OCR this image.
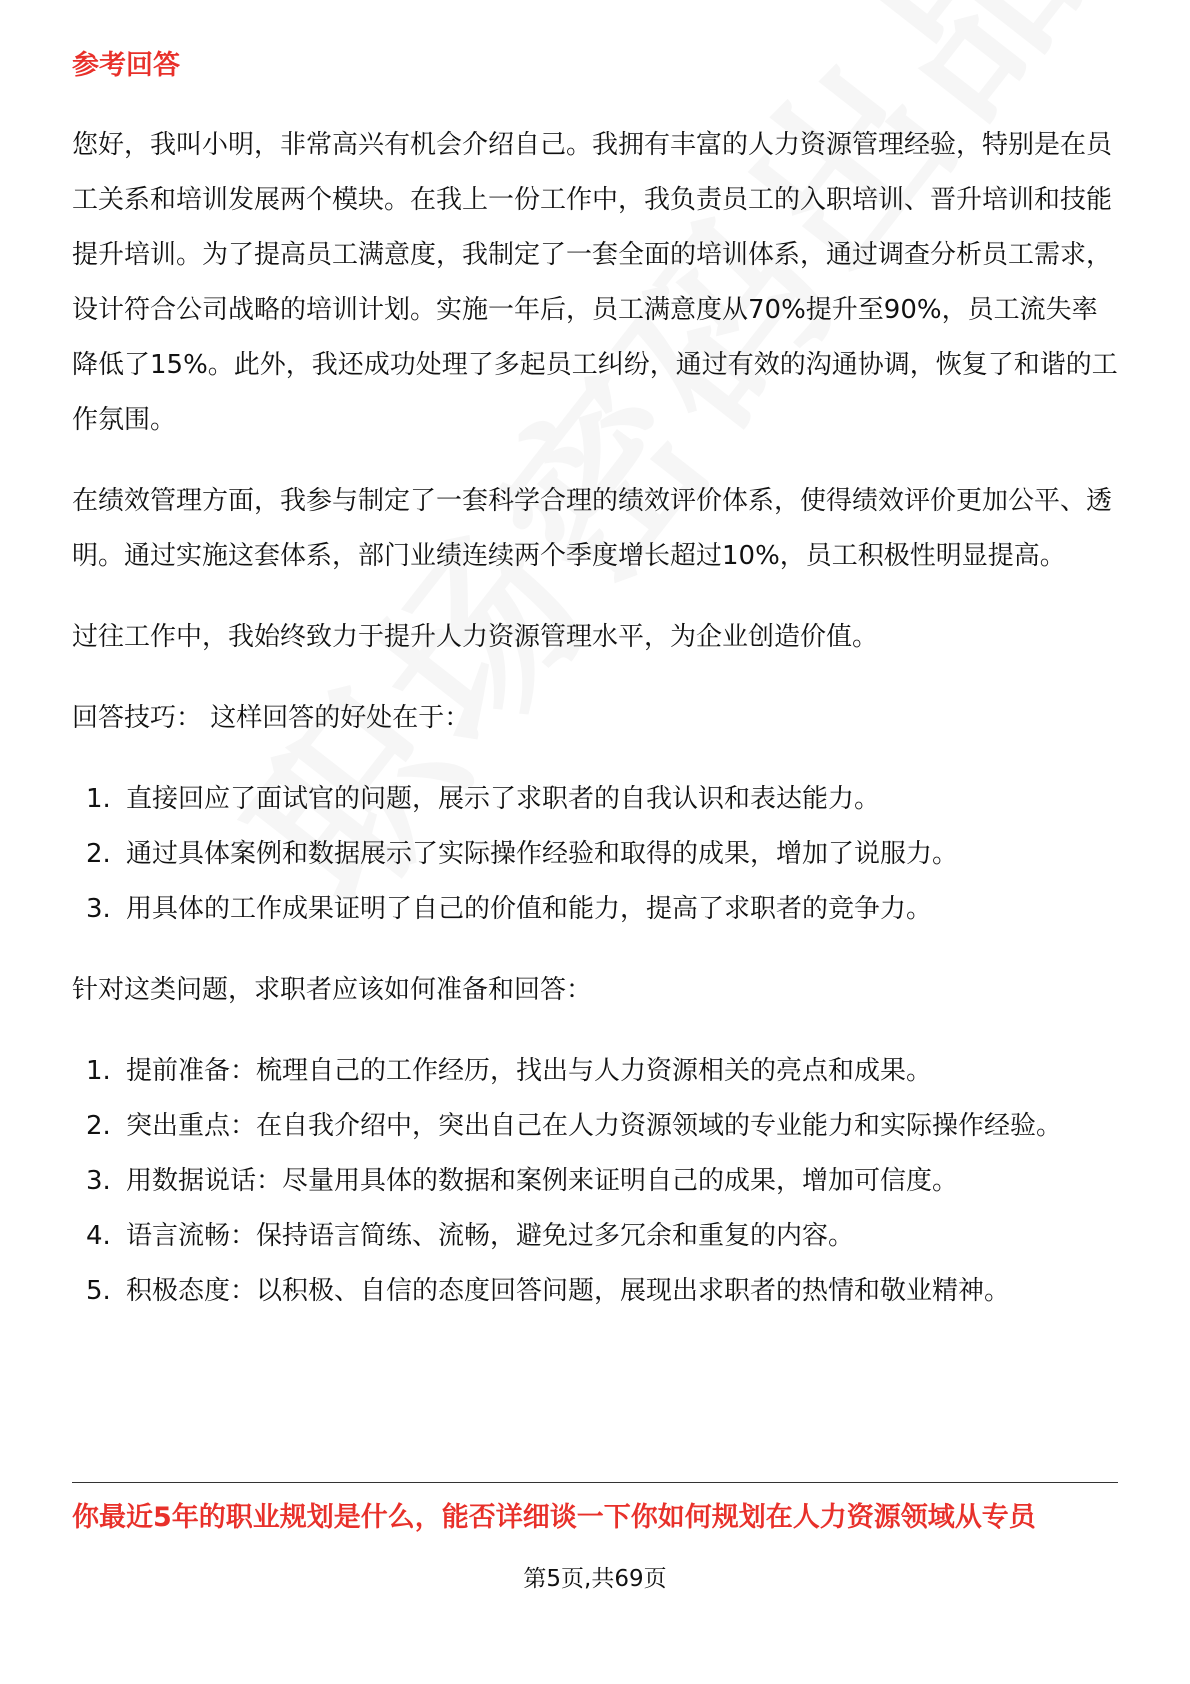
参考回答

您好，我叫小明，非常高兴有机会介绍自己。我拥有丰富的人力资源管理经验，特别是在员工关系和培训发展两个模块。在我上一份工作中，我负责员工的入职培训、晋升培训和技能提升培训。为了提高员工满意度，我制定了一套全面的培训体系，通过调查分析员工需求，设计符合公司战略的培训计划。实施一年后，员工满意度从70%提升至90%，员工流失率降低了15%。此外，我还成功处理了多起员工纠纷，通过有效的沟通协调，恢复了和谐的工作氛围。

在绩效管理方面，我参与制定了一套科学合理的绩效评价体系，使得绩效评价更加公平、透明。通过实施这套体系，部门业绩连续两个季度增长超过10%，员工积极性明显提高。

过往工作中，我始终致力于提升人力资源管理水平，为企业创造价值。

回答技巧： 这样回答的好处在于：

1. 直接回应了面试官的问题，展示了求职者的自我认识和表达能力。
2. 通过具体案例和数据展示了实际操作经验和取得的成果，增加了说服力。
3. 用具体的工作成果证明了自己的价值和能力，提高了求职者的竞争力。

针对这类问题，求职者应该如何准备和回答：

1. 提前准备：梳理自己的工作经历，找出与人力资源相关的亮点和成果。
2. 突出重点：在自我介绍中，突出自己在人力资源领域的专业能力和实际操作经验。
3. 用数据说话：尽量用具体的数据和案例来证明自己的成果，增加可信度。
4. 语言流畅：保持语言简练、流畅，避免过多冗余和重复的内容。
5. 积极态度：以积极、自信的态度回答问题，展现出求职者的热情和敬业精神。
你最近5年的职业规划是什么，能否详细谈一下你如何规划在人力资源领域从专员
第5页,共69页
